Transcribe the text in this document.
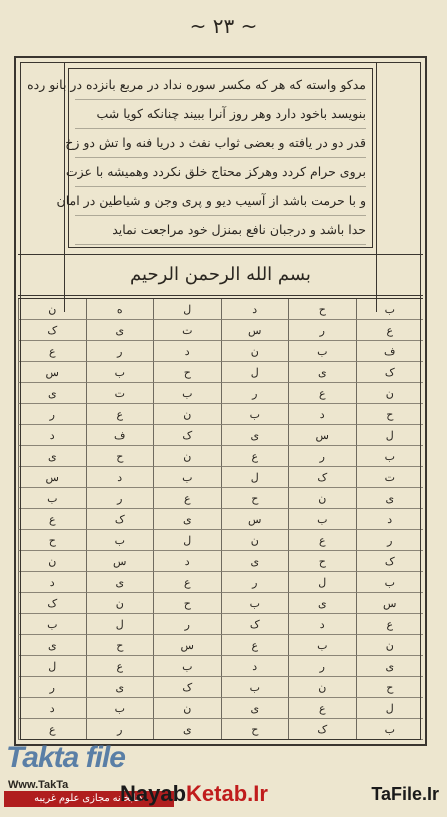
~ ٢٣ ~
مدکو واسته که هر که مکسر سوره نداد در مربع بانزده در بانو رده
بنویسد باخود دارد وهر روز آنرا ببیند چنانکه کویا شب
قدر دو در یافته و بعضی ثواب نفث د دریا فنه وا تش دو زخ
بروی حرام کردد وهرکز محتاج خلق نکردد وهمیشه با عزت
و با حرمت باشد از آسیب دیو و پری وجن و شیاطین در امان
حدا باشد و درجبان نافع بمنزل خود مراجعت نماید
بسم الله الرحمن الرحيم
ب
ح
د
ل
ه
ن
ع
ر
س
ت
ی
ک
ف
ب
ن
د
ر
ع
ک
ی
ل
ح
ب
س
ن
ع
ر
ب
ت
ی
ح
د
ب
ن
ع
ر
ل
س
ی
ک
ف
د
ب
ر
ع
ن
ح
ی
ت
ک
ل
ب
د
س
ی
ن
ح
ع
ر
ب
د
ب
س
ی
ک
ع
ر
ع
ن
ل
ب
ح
ک
ح
ی
د
س
ن
ب
ل
ر
ع
ی
د
س
ی
ب
ح
ن
ک
ع
د
ک
ر
ل
ب
ن
ب
ع
س
ح
ی
ی
ر
د
ب
ع
ل
ح
ن
ب
ک
ی
ر
ل
ع
ی
ن
ب
د
ب
ک
ح
ی
ر
ع
Takta file
Www.TakTa
کتابخانه مجازی علوم غریبه
NayabKetab.Ir	TaFile.Ir
